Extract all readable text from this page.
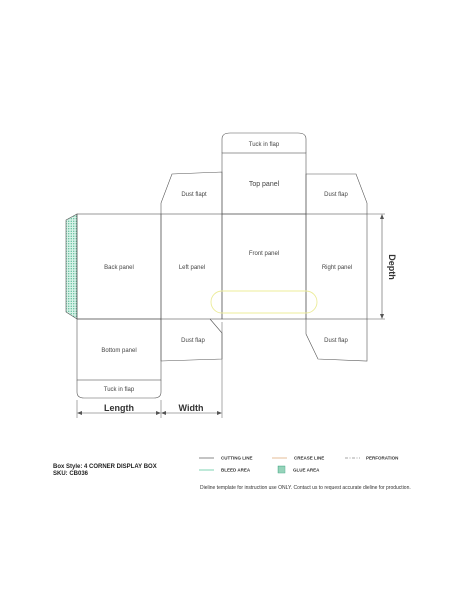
Back panel	Left panel
Front panel
Right panel
Top panel
Bottom panel
Dust flapt	Dust flap
Dust flap	Dust flap
Tuck in flap
Tuck in flap
Length	Width
Depth
CUTTING LINE	CREASE LINE	PERFORATION
BLEED AREA	GLUE AREA
Box Style: 4 CORNER DISPLAY BOX
SKU: CB036
Dieline template for instruction use ONLY. Contact us to request accurate dieline for production.
